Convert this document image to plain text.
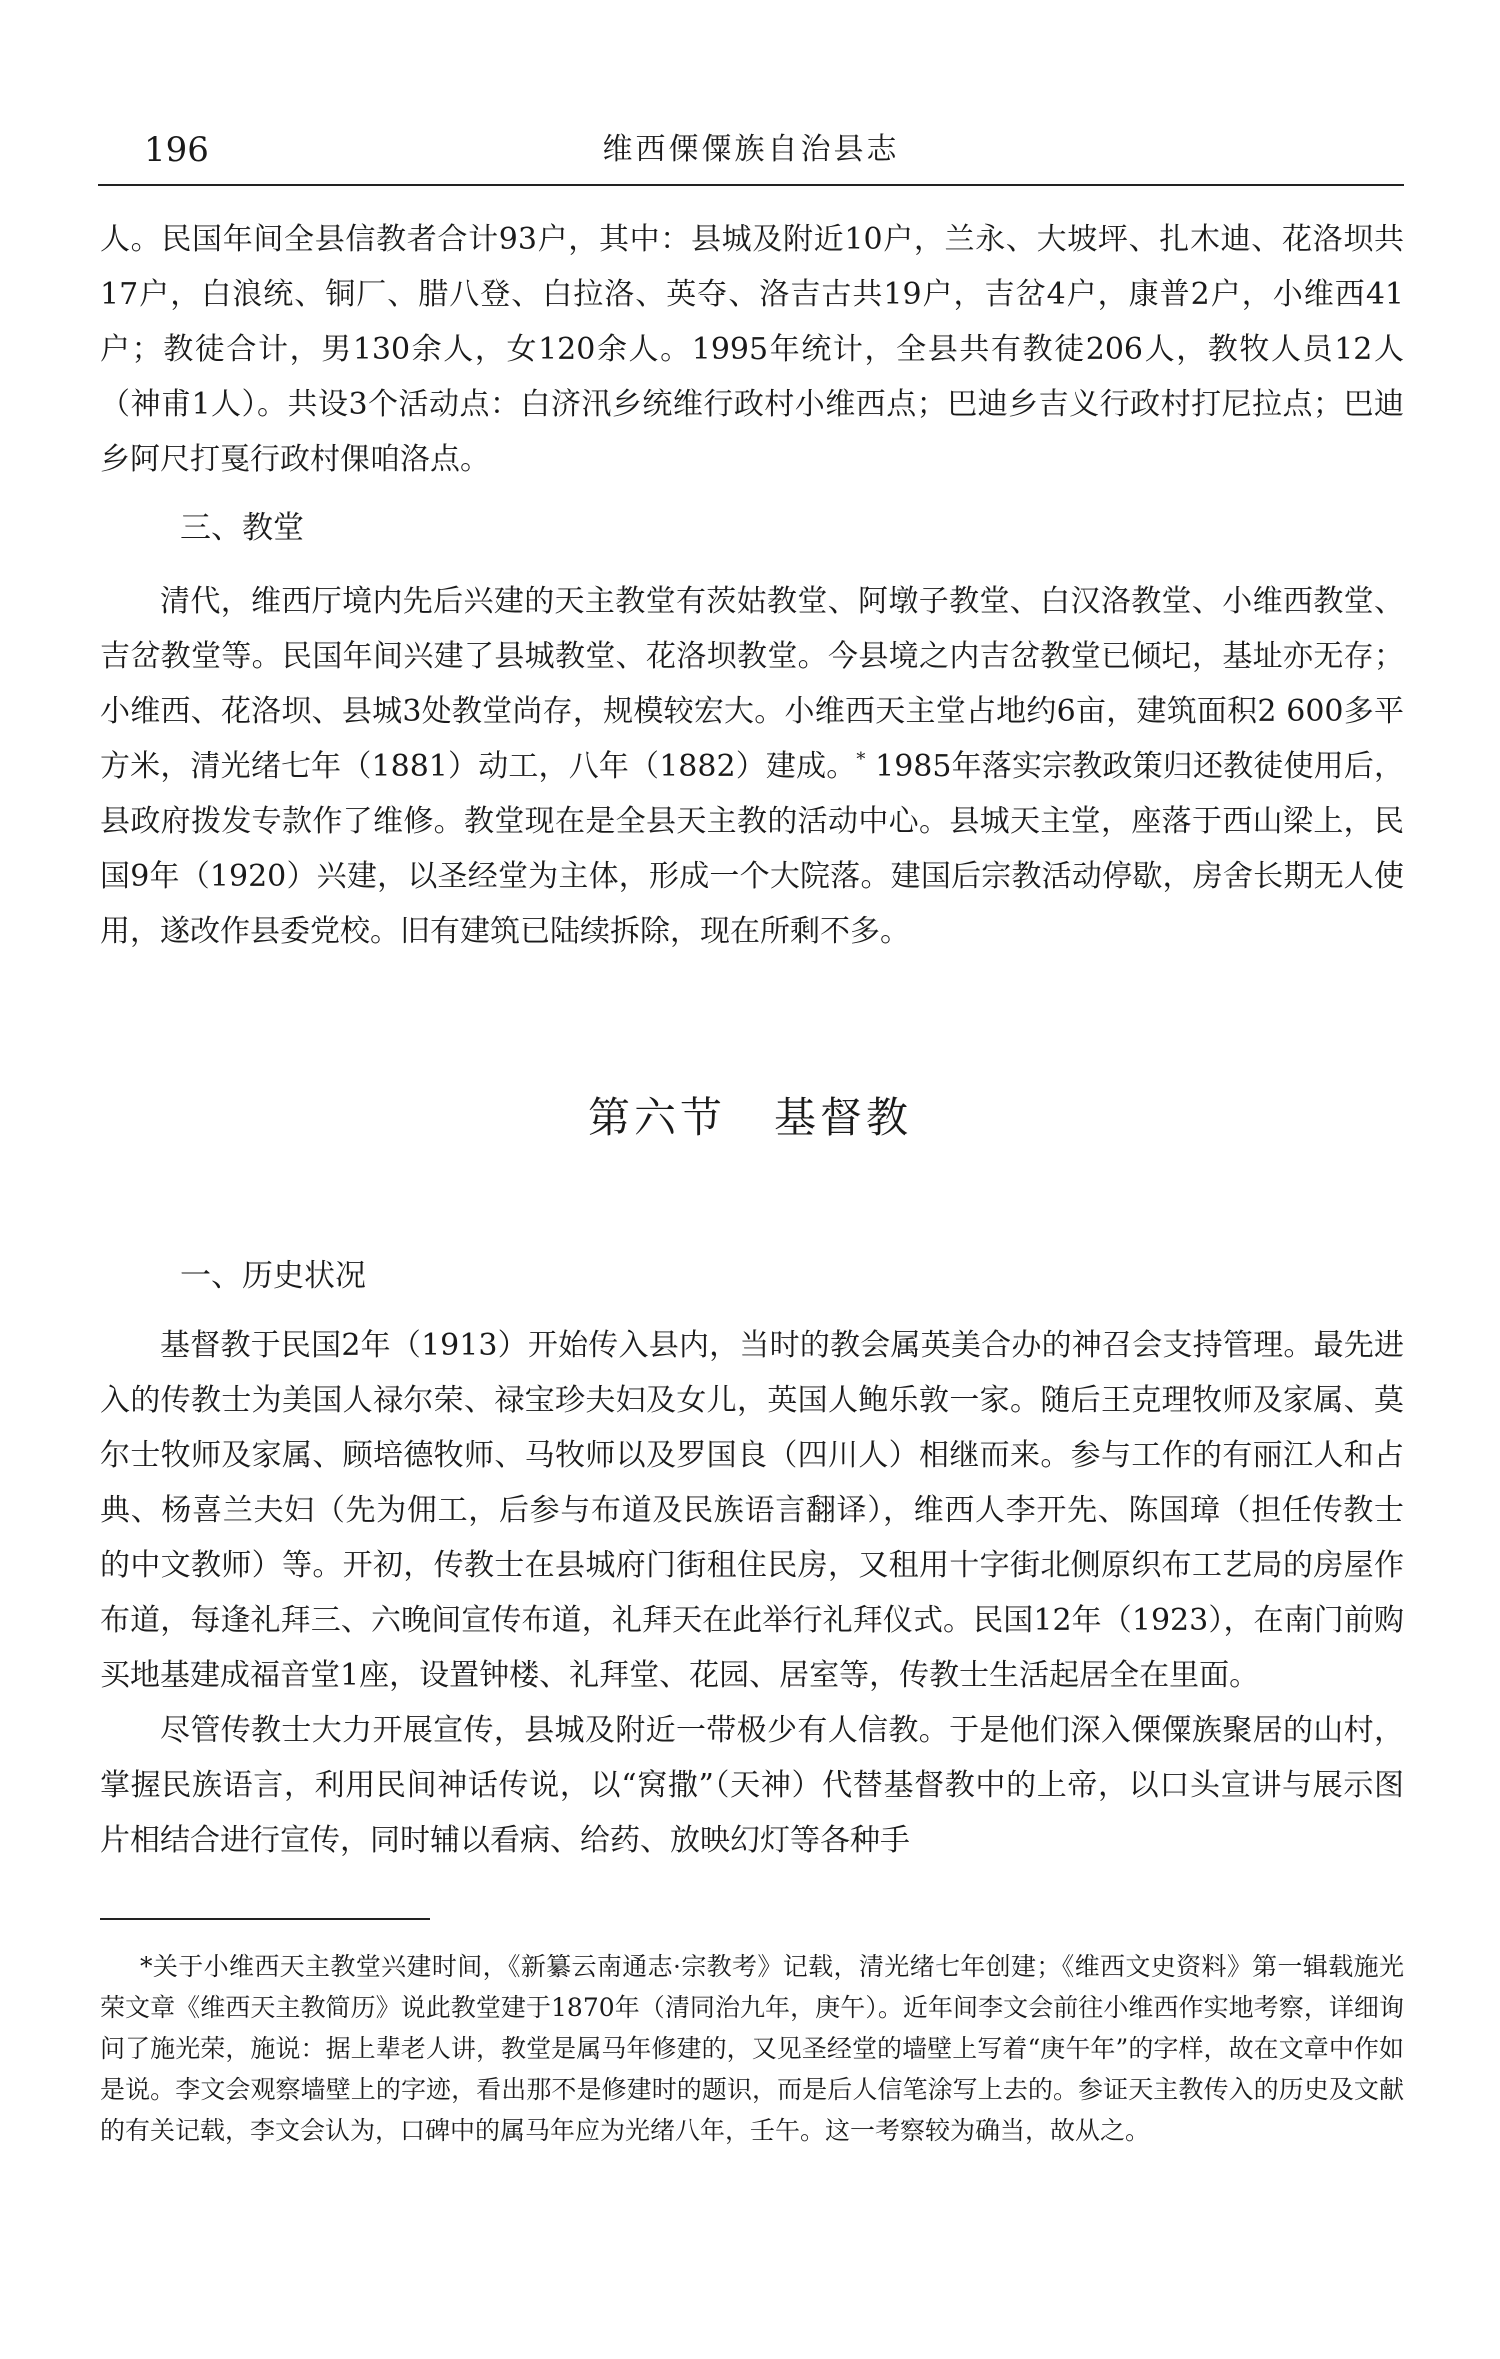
196	维西傈僳族自治县志

人。民国年间全县信教者合计93户，其中：县城及附近10户，兰永、大坡坪、扎木迪、花洛坝共17户，白浪统、铜厂、腊八登、白拉洛、英夺、洛吉古共19户，吉岔4户，康普2户，小维西41户；教徒合计，男130余人，女120余人。1995年统计，全县共有教徒206人，教牧人员12人（神甫1人）。共设3个活动点：白济汛乡统维行政村小维西点；巴迪乡吉义行政村打尼拉点；巴迪乡阿尺打戛行政村倮咱洛点。

三、教堂

清代，维西厅境内先后兴建的天主教堂有茨姑教堂、阿墩子教堂、白汉洛教堂、小维西教堂、吉岔教堂等。民国年间兴建了县城教堂、花洛坝教堂。今县境之内吉岔教堂已倾圮，基址亦无存；小维西、花洛坝、县城3处教堂尚存，规模较宏大。小维西天主堂占地约6亩，建筑面积2 600多平方米，清光绪七年（1881）动工，八年（1882）建成。* 1985年落实宗教政策归还教徒使用后，县政府拨发专款作了维修。教堂现在是全县天主教的活动中心。县城天主堂，座落于西山梁上，民国9年（1920）兴建，以圣经堂为主体，形成一个大院落。建国后宗教活动停歇，房舍长期无人使用，遂改作县委党校。旧有建筑已陆续拆除，现在所剩不多。

第六节 基督教
一、历史状况

基督教于民国2年（1913）开始传入县内，当时的教会属英美合办的神召会支持管理。最先进入的传教士为美国人禄尔荣、禄宝珍夫妇及女儿，英国人鲍乐敦一家。随后王克理牧师及家属、莫尔士牧师及家属、顾培德牧师、马牧师以及罗国良（四川人）相继而来。参与工作的有丽江人和占典、杨喜兰夫妇（先为佣工，后参与布道及民族语言翻译），维西人李开先、陈国璋（担任传教士的中文教师）等。开初，传教士在县城府门街租住民房，又租用十字街北侧原织布工艺局的房屋作布道，每逢礼拜三、六晚间宣传布道，礼拜天在此举行礼拜仪式。民国12年（1923），在南门前购买地基建成福音堂1座，设置钟楼、礼拜堂、花园、居室等，传教士生活起居全在里面。

尽管传教士大力开展宣传，县城及附近一带极少有人信教。于是他们深入傈僳族聚居的山村，掌握民族语言，利用民间神话传说，以“窝撒”（天神）代替基督教中的上帝，以口头宣讲与展示图片相结合进行宣传，同时辅以看病、给药、放映幻灯等各种手

*关于小维西天主教堂兴建时间，《新纂云南通志·宗教考》记载，清光绪七年创建；《维西文史资料》第一辑载施光荣文章《维西天主教简历》说此教堂建于1870年（清同治九年，庚午）。近年间李文会前往小维西作实地考察，详细询问了施光荣，施说：据上辈老人讲，教堂是属马年修建的，又见圣经堂的墙壁上写着“庚午年”的字样，故在文章中作如是说。李文会观察墙壁上的字迹，看出那不是修建时的题识，而是后人信笔涂写上去的。参证天主教传入的历史及文献的有关记载，李文会认为，口碑中的属马年应为光绪八年，壬午。这一考察较为确当，故从之。
